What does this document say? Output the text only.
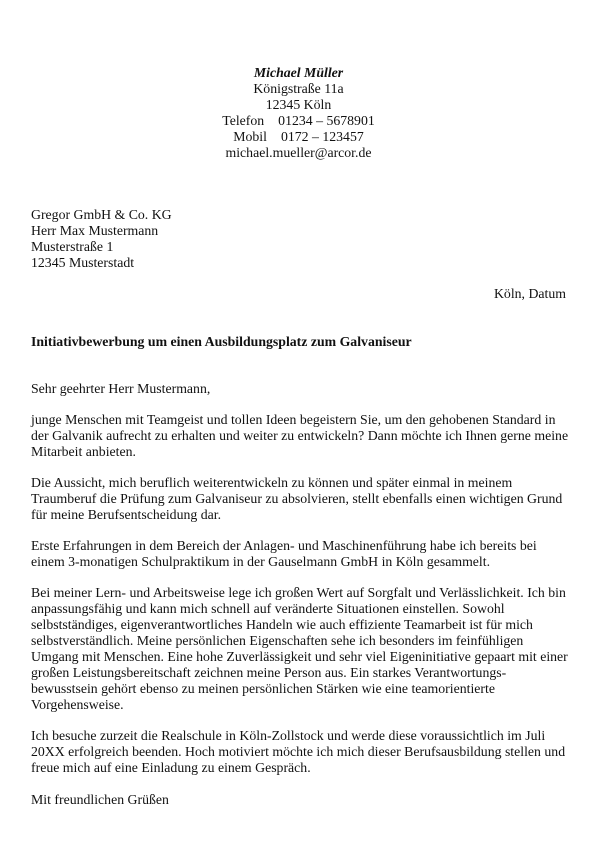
Michael Müller
Königstraße 11a
12345 Köln
Telefon 01234 – 5678901
Mobil 0172 – 123457
michael.mueller@arcor.de
Gregor GmbH & Co. KG
Herr Max Mustermann
Musterstraße 1
12345 Musterstadt
Köln, Datum
Initiativbewerbung um einen Ausbildungsplatz zum Galvaniseur
Sehr geehrter Herr Mustermann,
junge Menschen mit Teamgeist und tollen Ideen begeistern Sie, um den gehobenen Standard in
der Galvanik aufrecht zu erhalten und weiter zu entwickeln? Dann möchte ich Ihnen gerne meine
Mitarbeit anbieten.
Die Aussicht, mich beruflich weiterentwickeln zu können und später einmal in meinem
Traumberuf die Prüfung zum Galvaniseur zu absolvieren, stellt ebenfalls einen wichtigen Grund
für meine Berufsentscheidung dar.
Erste Erfahrungen in dem Bereich der Anlagen- und Maschinenführung habe ich bereits bei
einem 3-monatigen Schulpraktikum in der Gauselmann GmbH in Köln gesammelt.
Bei meiner Lern- und Arbeitsweise lege ich großen Wert auf Sorgfalt und Verlässlichkeit. Ich bin
anpassungsfähig und kann mich schnell auf veränderte Situationen einstellen. Sowohl
selbstständiges, eigenverantwortliches Handeln wie auch effiziente Teamarbeit ist für mich
selbstverständlich. Meine persönlichen Eigenschaften sehe ich besonders im feinfühligen
Umgang mit Menschen. Eine hohe Zuverlässigkeit und sehr viel Eigeninitiative gepaart mit einer
großen Leistungsbereitschaft zeichnen meine Person aus. Ein starkes Verantwortungs-
bewusstsein gehört ebenso zu meinen persönlichen Stärken wie eine teamorientierte
Vorgehensweise.
Ich besuche zurzeit die Realschule in Köln-Zollstock und werde diese voraussichtlich im Juli
20XX erfolgreich beenden. Hoch motiviert möchte ich mich dieser Berufsausbildung stellen und
freue mich auf eine Einladung zu einem Gespräch.
Mit freundlichen Grüßen
